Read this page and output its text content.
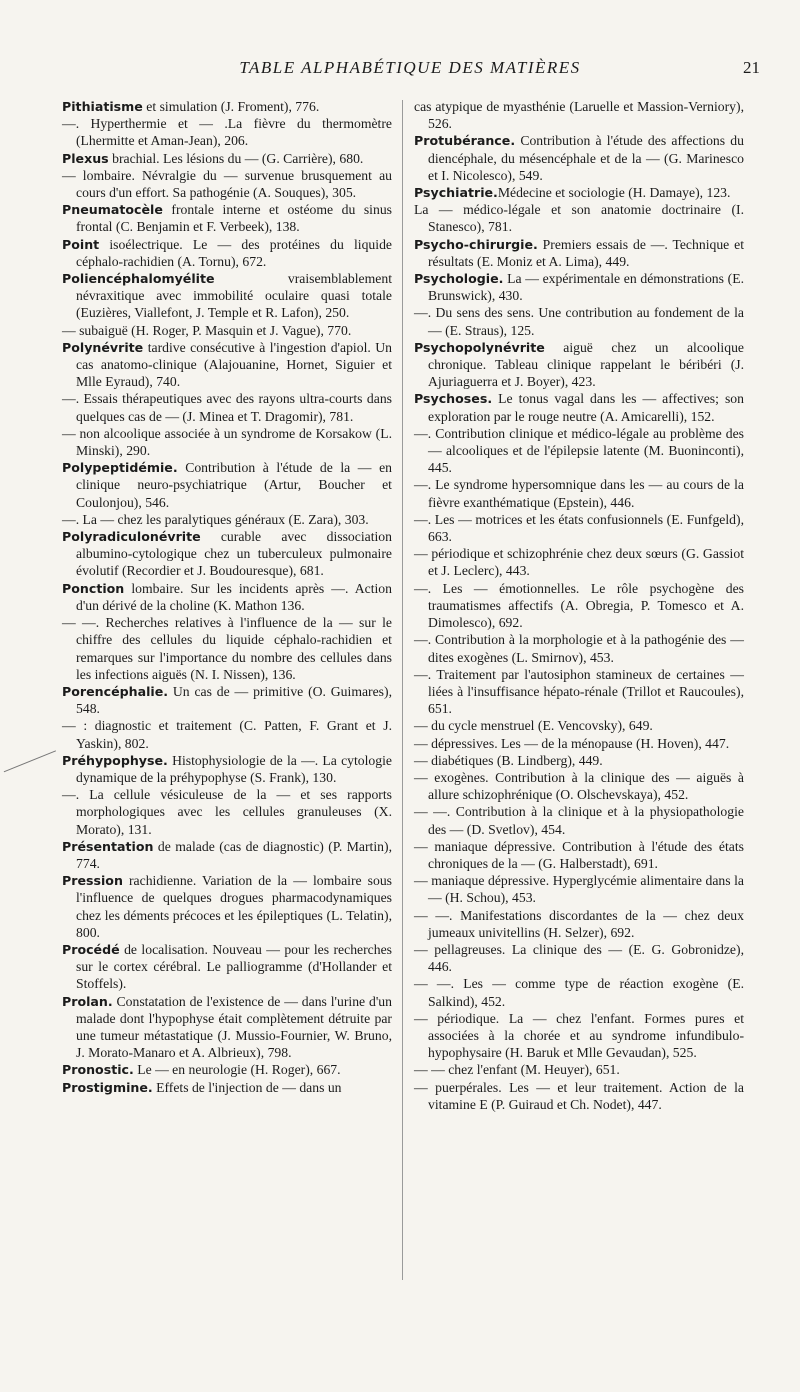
TABLE ALPHABÉTIQUE DES MATIÈRES	21

Pithiatisme et simulation (J. Froment), 776.

—. Hyperthermie et — .La fièvre du thermomètre (Lhermitte et Aman-Jean), 206.

Plexus brachial. Les lésions du — (G. Carrière), 680.

— lombaire. Névralgie du — survenue brusquement au cours d'un effort. Sa pathogénie (A. Souques), 305.

Pneumatocèle frontale interne et ostéome du sinus frontal (C. Benjamin et F. Verbeek), 138.

Point isoélectrique. Le — des protéines du liquide céphalo-rachidien (A. Tornu), 672.

Poliencéphalomyélite vraisemblablement névraxitique avec immobilité oculaire quasi totale (Euzières, Viallefont, J. Temple et R. Lafon), 250.

— subaiguë (H. Roger, P. Masquin et J. Vague), 770.

Polynévrite tardive consécutive à l'ingestion d'apiol. Un cas anatomo-clinique (Alajouanine, Hornet, Siguier et Mlle Eyraud), 740.

—. Essais thérapeutiques avec des rayons ultra-courts dans quelques cas de — (J. Minea et T. Dragomir), 781.

— non alcoolique associée à un syndrome de Korsakow (L. Minski), 290.

Polypeptidémie. Contribution à l'étude de la — en clinique neuro-psychiatrique (Artur, Boucher et Coulonjou), 546.

—. La — chez les paralytiques généraux (E. Zara), 303.

Polyradiculonévrite curable avec dissociation albumino-cytologique chez un tuberculeux pulmonaire évolutif (Recordier et J. Boudouresque), 681.

Ponction lombaire. Sur les incidents après —. Action d'un dérivé de la choline (K. Mathon 136.

— —. Recherches relatives à l'influence de la — sur le chiffre des cellules du liquide céphalo-rachidien et remarques sur l'importance du nombre des cellules dans les infections aiguës (N. I. Nissen), 136.

Porencéphalie. Un cas de — primitive (O. Guimares), 548.

— : diagnostic et traitement (C. Patten, F. Grant et J. Yaskin), 802.

Préhypophyse. Histophysiologie de la —. La cytologie dynamique de la préhypophyse (S. Frank), 130.

—. La cellule vésiculeuse de la — et ses rapports morphologiques avec les cellules granuleuses (X. Morato), 131.

Présentation de malade (cas de diagnostic) (P. Martin), 774.

Pression rachidienne. Variation de la — lombaire sous l'influence de quelques drogues pharmacodynamiques chez les déments précoces et les épileptiques (L. Telatin), 800.

Procédé de localisation. Nouveau — pour les recherches sur le cortex cérébral. Le palliogramme (d'Hollander et Stoffels).

Prolan. Constatation de l'existence de — dans l'urine d'un malade dont l'hypophyse était complètement détruite par une tumeur métastatique (J. Mussio-Fournier, W. Bruno, J. Morato-Manaro et A. Albrieux), 798.

Pronostic. Le — en neurologie (H. Roger), 667.

Prostigmine. Effets de l'injection de — dans un

cas atypique de myasthénie (Laruelle et Massion-Verniory), 526.

Protubérance. Contribution à l'étude des affections du diencéphale, du mésencéphale et de la — (G. Marinesco et I. Nicolesco), 549.

Psychiatrie.Médecine et sociologie (H. Damaye), 123.

La — médico-légale et son anatomie doctrinaire (I. Stanesco), 781.

Psycho-chirurgie. Premiers essais de —. Technique et résultats (E. Moniz et A. Lima), 449.

Psychologie. La — expérimentale en démonstrations (E. Brunswick), 430.

—. Du sens des sens. Une contribution au fondement de la — (E. Straus), 125.

Psychopolynévrite aiguë chez un alcoolique chronique. Tableau clinique rappelant le béribéri (J. Ajuriaguerra et J. Boyer), 423.

Psychoses. Le tonus vagal dans les — affectives; son exploration par le rouge neutre (A. Amicarelli), 152.

—. Contribution clinique et médico-légale au problème des — alcooliques et de l'épilepsie latente (M. Buoninconti), 445.

—. Le syndrome hypersomnique dans les — au cours de la fièvre exanthématique (Epstein), 446.

—. Les — motrices et les états confusionnels (E. Funfgeld), 663.

— périodique et schizophrénie chez deux sœurs (G. Gassiot et J. Leclerc), 443.

—. Les — émotionnelles. Le rôle psychogène des traumatismes affectifs (A. Obregia, P. Tomesco et A. Dimolesco), 692.

—. Contribution à la morphologie et à la pathogénie des — dites exogènes (L. Smirnov), 453.

—. Traitement par l'autosiphon stamineux de certaines — liées à l'insuffisance hépato-rénale (Trillot et Raucoules), 651.

— du cycle menstruel (E. Vencovsky), 649.

— dépressives. Les — de la ménopause (H. Hoven), 447.

— diabétiques (B. Lindberg), 449.

— exogènes. Contribution à la clinique des — aiguës à allure schizophrénique (O. Olschevskaya), 452.

— —. Contribution à la clinique et à la physiopathologie des — (D. Svetlov), 454.

— maniaque dépressive. Contribution à l'étude des états chroniques de la — (G. Halberstadt), 691.

— maniaque dépressive. Hyperglycémie alimentaire dans la — (H. Schou), 453.

— —. Manifestations discordantes de la — chez deux jumeaux univitellins (H. Selzer), 692.

— pellagreuses. La clinique des — (E. G. Gobronidze), 446.

— —. Les — comme type de réaction exogène (E. Salkind), 452.

— périodique. La — chez l'enfant. Formes pures et associées à la chorée et au syndrome infundibulo-hypophysaire (H. Baruk et Mlle Gevaudan), 525.

— — chez l'enfant (M. Heuyer), 651.

— puerpérales. Les — et leur traitement. Action de la vitamine E (P. Guiraud et Ch. Nodet), 447.
